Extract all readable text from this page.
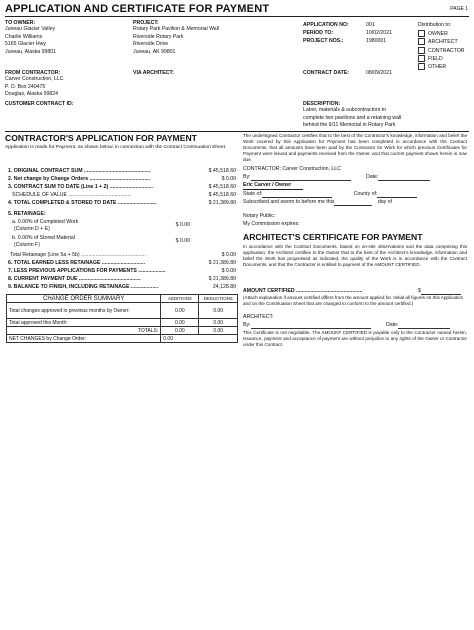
APPLICATION AND CERTIFICATE FOR PAYMENT	PAGE 1
TO OWNER:
Juneau Glacier Valley
Charlie Williams
5165 Glacier Hwy
Juneau, Alaska 99801
PROJECT:
Rotary Park Pavilion & Memorial Wall
Riverside Rotary Park
Riverside Drive
Juneau, AK 99801
APPLICATION NO:	001
PERIOD TO:	10/02/2021
PROJECT NOS.:	1980001
Distribution to:
OWNER
ARCHITECT
CONTRACTOR
FIELD
OTHER
FROM CONTRACTOR:
Carver Construction, LLC
P. O. Box 240475
Douglas, Alaska 99824
VIA ARCHITECT:	CONTRACT DATE:	08/09/2021
CUSTOMER CONTRACT ID:	DESCRIPTION:
Labor, materials & subcontractors to
complete two pavilions and a retaining wall
behind the 9/11 Memorial in Rotary Park
CONTRACTOR'S APPLICATION FOR PAYMENT
Application is made for Payment, as shown below, in connection with the Contract Continuation Sheet.
1. ORIGINAL CONTRACT SUM ..............................................	$ 45,518.60
2. Net change by Change Orders ..........................................	$ 0.00
3. CONTRACT SUM TO DATE (Line 1 + 2) ..............................	$ 45,518.60
SCHEDULE OF VALUE ...........................................	$ 45,518.60
4. TOTAL COMPLETED & STORED TO DATE ...........................	$ 21,389.80
5. RETAINAGE:
a. 0.00% of Completed Work
(Column D + E)
$ 0.00
b. 0.00% of Stored Material
(Column F)
$ 0.00
Total Retainage (Line 5a + 5b) .............................................	$ 0.00
6. TOTAL EARNED LESS RETAINAGE ..............................	$ 21,389.80
7. LESS PREVIOUS APPLICATIONS FOR PAYMENTS ...................	$ 0.00
8. CURRENT PAYMENT DUE ...........................................	$ 21,389.80
9. BALANCE TO FINISH, INCLUDING RETAINAGE ...................	24,128.80
CHANGE ORDER SUMMARY	ADDITIONS	DEDUCTIONS
Total changes approved in previous months by Owner:	0.00	0.00
Total approved this Month:	0.00	0.00
TOTALS:	0.00	0.00
NET CHANGES by Change Order:	0.00	
The undersigned Contractor certifies that to the best of the Contractor's knowledge, information and belief the Work covered by this Application for Payment has been completed in accordance with the Contract Documents, that all amounts have been paid by the Contractor for Work for which previous Certificates for Payment were issued and payments received from the Owner, and that current payment shown herein is now due.
CONTRACTOR: Carver Construction, LLC
By:	Date:
Eric Carver / Owner
State of:	County of:
Subscribed and sworn to before me this	day of
Notary Public:
My Commission expires:
ARCHITECT'S CERTIFICATE FOR PAYMENT
In accordance with the Contract Documents, based on on-site observations and the data comprising this application, the Architect certifies to the Owner that to the best of the Architect's knowledge, information and belief the Work has progressed as indicated, the quality of the Work is in accordance with the Contract Documents, and that the Contractor is entitled to payment of the AMOUNT CERTIFIED.
AMOUNT CERTIFIED ..............................................	$
(Attach explanation if amount certified differs from the amount applied for. Initial all figures on this Application and on the Continuation Sheet that are changed to conform to the amount certified.)
ARCHITECT:
By:	Date:
This Certificate is not negotiable. The AMOUNT CERTIFIED is payable only to the Contractor named herein. Issuance, payment and acceptance of payment are without prejudice to any rights of the Owner or Contractor under this Contract.
